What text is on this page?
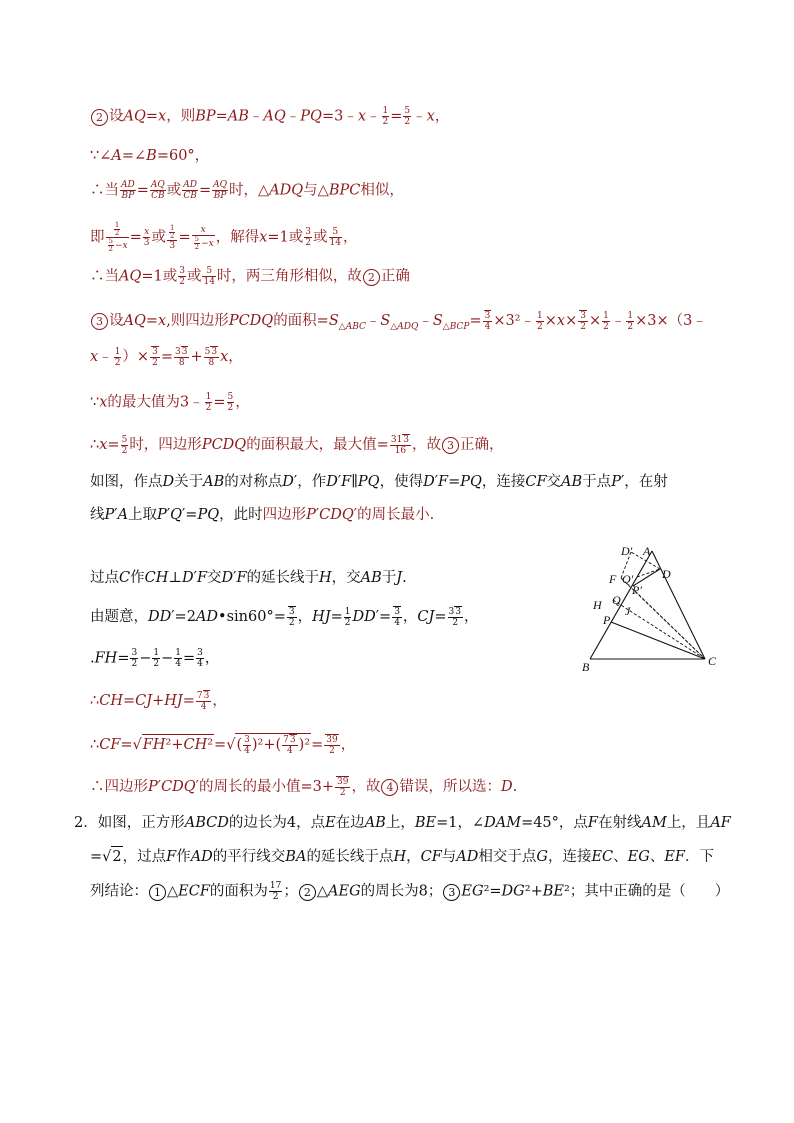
2 设AQ=x，则BP=AB﹣AQ﹣PQ=3﹣x﹣ $\frac{1}{2} = \frac{5}{2}$ ﹣x，
∵∠A=∠B=60°，
∴当 $\frac{AD}{BP} = \frac{AQ}{CB}$ 或 $\frac{AD}{CB} = \frac{AQ}{BP}$ 时，△ADQ与△BPC相似，
即 $\frac{\frac{1}{2}}{\frac{5}{2} -x} = \frac{x}{3}$ 或 $\frac{\frac{1}{2}}{3} = \frac{x}{\frac{5}{2} -x}$ ，解得x=1或 $\frac{3}{2}$ 或 $\frac{5}{14}$ ，
∴当AQ=1或 $\frac{3}{2}$ 或 $\frac{5}{14}$ 时，两三角形相似，故 2 正确
3 设AQ=x,则四边形PCDQ的面积$=S_{\triangle ABC}﹣S_{\triangle ADQ}﹣S_{\triangle BCP}= \frac{3}{4}$ ×3²﹣ $\frac{1}{2} \times x\times \frac{3}{2} \times \frac{1}{2}$ ﹣ $\frac{1}{2}$ ×3×（3﹣
x﹣ $\frac{1}{2}$ ）× $\frac{3}{2} = \frac{33}{8} + \frac{53}{8}$ x，
∵x的最大值为3﹣ $\frac{1}{2} = \frac{5}{2}$ ，
∴x= $\frac{5}{2}$ 时，四边形PCDQ的面积最大，最大值= $\frac{313}{16}$ ，故 3 正确，
如图，作点D关于AB的对称点D′，作D′F∥PQ，使得D′F=PQ，连接CF交AB于点P′，在射
线P′A上取P′Q′=PQ，此时四边形P′CDQ′的周长最小.
过点C作CH⊥D′F交D′F的延长线于H，交AB于J.
由题意，DD′=2AD•sin60°= $\frac{3}{2}$ ，$HJ= \frac{1}{2} DD'= \frac{3}{4}$ ，$CJ= \frac{33}{2}$ ，
$.FH= \frac{3}{2} - \frac{1}{2} - \frac{1}{4} = \frac{3}{4}$ ，
∴CH=CJ+HJ= $\frac{73}{4}$ ，
∴CF=√FH²+CH²=√( $\frac{3}{4} )^2+( \frac{73}{4} )^2= \frac{39}{2}$ ，
∴四边形P′CDQ′的周长的最小值$=3+ \frac{39}{2}$ ，故 4 错误，所以选：D.
2．如图，正方形ABCD的边长为4，点E在边AB上，BE=1，∠DAM=45°，点F在射线AM上，且AF
=√2，过点F作AD的平行线交BA的延长线于点H，CF与AD相交于点G，连接EC、EG、EF．下
列结论： 1 △ECF的面积为 $\frac{17}{2}$ ； 2 △AEG的周长为8； 3 EG²=DG²+BE²；其中正确的是（　　）
D′ A
F Q′ D
H Q
P′
J
P
B	C
